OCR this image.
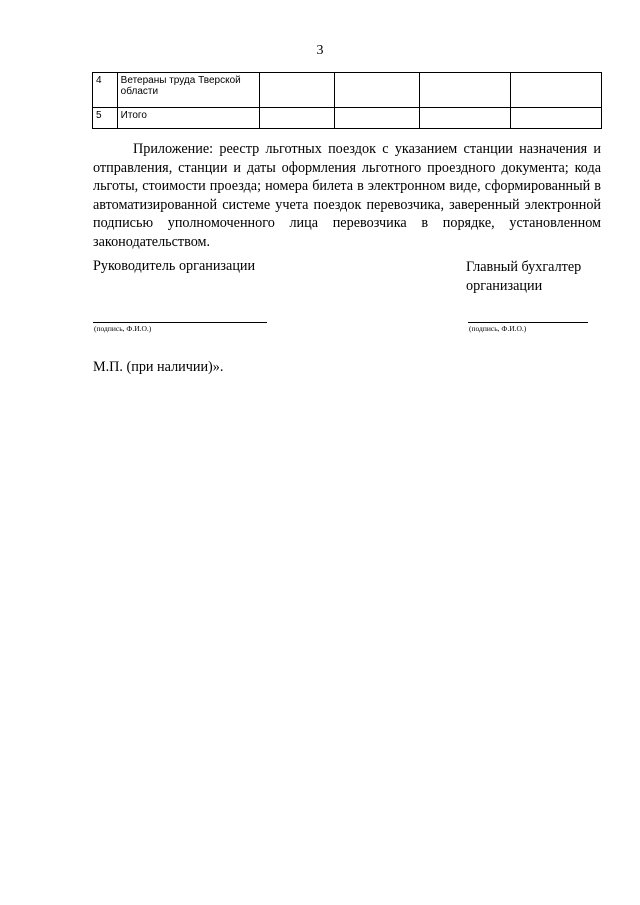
3
4	Ветераны труда Тверской области				
5	Итого				

Приложение: реестр льготных поездок с указанием станции назначения и отправления, станции и даты оформления льготного проездного документа; кода льготы, стоимости проезда; номера билета в электронном виде, сформированный в автоматизированной системе учета поездок перевозчика, заверенный электронной подписью уполномоченного лица перевозчика в порядке, установленном законодательством.

Руководитель организации	Главный бухгалтер организации
(подпись, Ф.И.О.)	(подпись, Ф.И.О.)
М.П. (при наличии)».
